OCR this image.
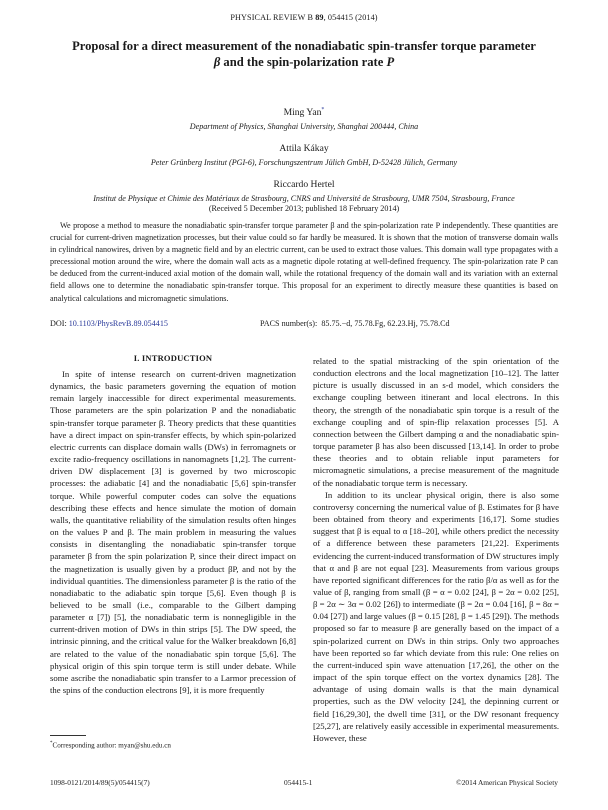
PHYSICAL REVIEW B 89, 054415 (2014)
Proposal for a direct measurement of the nonadiabatic spin-transfer torque parameter
β and the spin-polarization rate P
Ming Yan*
Department of Physics, Shanghai University, Shanghai 200444, China
Attila Kákay
Peter Grünberg Institut (PGI-6), Forschungszentrum Jülich GmbH, D-52428 Jülich, Germany
Riccardo Hertel
Institut de Physique et Chimie des Matériaux de Strasbourg, CNRS and Université de Strasbourg, UMR 7504, Strasbourg, France
(Received 5 December 2013; published 18 February 2014)
We propose a method to measure the nonadiabatic spin-transfer torque parameter β and the spin-polarization rate P independently. These quantities are crucial for current-driven magnetization processes, but their value could so far hardly be measured. It is shown that the motion of transverse domain walls in cylindrical nanowires, driven by a magnetic field and by an electric current, can be used to extract those values. This domain wall type propagates with a precessional motion around the wire, where the domain wall acts as a magnetic dipole rotating at well-defined frequency. The spin-polarization rate P can be deduced from the current-induced axial motion of the domain wall, while the rotational frequency of the domain wall and its variation with an external field allows one to determine the nonadiabatic spin-transfer torque. This proposal for an experiment to directly measure these quantities is based on analytical calculations and micromagnetic simulations.
DOI: 10.1103/PhysRevB.89.054415	PACS number(s): 85.75.−d, 75.78.Fg, 62.23.Hj, 75.78.Cd
I. INTRODUCTION

In spite of intense research on current-driven magnetization dynamics, the basic parameters governing the equation of motion remain largely inaccessible for direct experimental measurements. Those parameters are the spin polarization P and the nonadiabatic spin-transfer torque parameter β. Theory predicts that these quantities have a direct impact on spin-transfer effects, by which spin-polarized electric currents can displace domain walls (DWs) in ferromagnets or excite radio-frequency oscillations in nanomagnets [1,2]. The current-driven DW displacement [3] is governed by two microscopic processes: the adiabatic [4] and the nonadiabatic [5,6] spin-transfer torque. While powerful computer codes can solve the equations describing these effects and hence simulate the motion of domain walls, the quantitative reliability of the simulation results often hinges on the values P and β. The main problem in measuring the values consists in disentangling the nonadiabatic spin-transfer torque parameter β from the spin polarization P, since their direct impact on the magnetization is usually given by a product βP, and not by the individual quantities. The dimensionless parameter β is the ratio of the nonadiabatic to the adiabatic spin torque [5,6]. Even though β is believed to be small (i.e., comparable to the Gilbert damping parameter α [7]) [5], the nonadiabatic term is nonnegligible in the current-driven motion of DWs in thin strips [5]. The DW speed, the intrinsic pinning, and the critical value for the Walker breakdown [6,8] are related to the value of the nonadiabatic spin torque [5,6]. The physical origin of this spin torque term is still under debate. While some ascribe the nonadiabatic spin transfer to a Larmor precession of the spins of the conduction electrons [9], it is more frequently

related to the spatial mistracking of the spin orientation of the conduction electrons and the local magnetization [10–12]. The latter picture is usually discussed in an s-d model, which considers the exchange coupling between itinerant and local electrons. In this theory, the strength of the nonadiabatic spin torque is a result of the exchange coupling and of spin-flip relaxation processes [5]. A connection between the Gilbert damping α and the nonadiabatic spin-torque parameter β has also been discussed [13,14]. In order to probe these theories and to obtain reliable input parameters for micromagnetic simulations, a precise measurement of the magnitude of the nonadiabatic torque term is necessary.

In addition to its unclear physical origin, there is also some controversy concerning the numerical value of β. Estimates for β have been obtained from theory and experiments [16,17]. Some studies suggest that β is equal to α [18–20], while others predict the necessity of a difference between these parameters [21,22]. Experiments evidencing the current-induced transformation of DW structures imply that α and β are not equal [23]. Measurements from various groups have reported significant differences for the ratio β/α as well as for the value of β, ranging from small (β = α = 0.02 [24], β = 2α = 0.02 [25], β = 2α ∼ 3α = 0.02 [26]) to intermediate (β = 2α = 0.04 [16], β = 8α = 0.04 [27]) and large values (β = 0.15 [28], β = 1.45 [29]). The methods proposed so far to measure β are generally based on the impact of a spin-polarized current on DWs in thin strips. Only two approaches have been reported so far which deviate from this rule: One relies on the current-induced spin wave attenuation [17,26], the other on the impact of the spin torque effect on the vortex dynamics [28]. The advantage of using domain walls is that the main dynamical properties, such as the DW velocity [24], the depinning current or field [16,29,30], the dwell time [31], or the DW resonant frequency [25,27], are relatively easily accessible in experimental measurements. However, these

*Corresponding author: myan@shu.edu.cn
1098-0121/2014/89(5)/054415(7)	054415-1	©2014 American Physical Society
